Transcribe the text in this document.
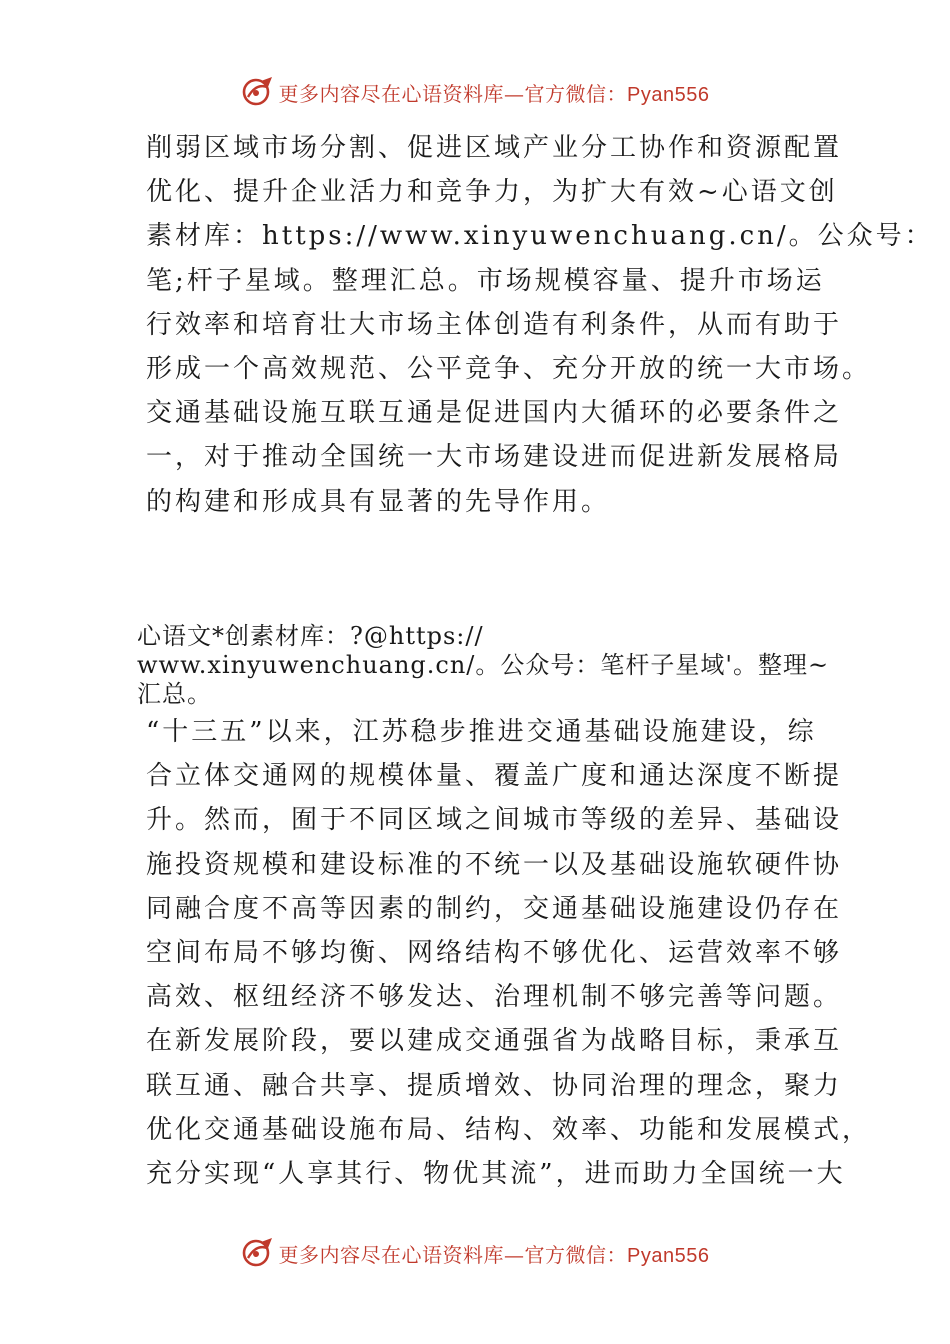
更多内容尽在心语资料库—官方微信：Pyan556
削弱区域市场分割、促进区域产业分工协作和资源配置
优化、提升企业活力和竞争力，为扩大有效~心语文创
素材库：https://www.xinyuwenchuang.cn/。公众号：
笔;杆子星域。整理汇总。市场规模容量、提升市场运
行效率和培育壮大市场主体创造有利条件，从而有助于
形成一个高效规范、公平竞争、充分开放的统一大市场。
交通基础设施互联互通是促进国内大循环的必要条件之
一，对于推动全国统一大市场建设进而促进新发展格局
的构建和形成具有显著的先导作用。
心语文*创素材库：?@https://
www.xinyuwenchuang.cn/。公众号：笔杆子星域'。整理~
汇总。
“十三五”以来，江苏稳步推进交通基础设施建设，综
合立体交通网的规模体量、覆盖广度和通达深度不断提
升。然而，囿于不同区域之间城市等级的差异、基础设
施投资规模和建设标准的不统一以及基础设施软硬件协
同融合度不高等因素的制约，交通基础设施建设仍存在
空间布局不够均衡、网络结构不够优化、运营效率不够
高效、枢纽经济不够发达、治理机制不够完善等问题。
在新发展阶段，要以建成交通强省为战略目标，秉承互
联互通、融合共享、提质增效、协同治理的理念，聚力
优化交通基础设施布局、结构、效率、功能和发展模式，
充分实现“人享其行、物优其流”，进而助力全国统一大
更多内容尽在心语资料库—官方微信：Pyan556
